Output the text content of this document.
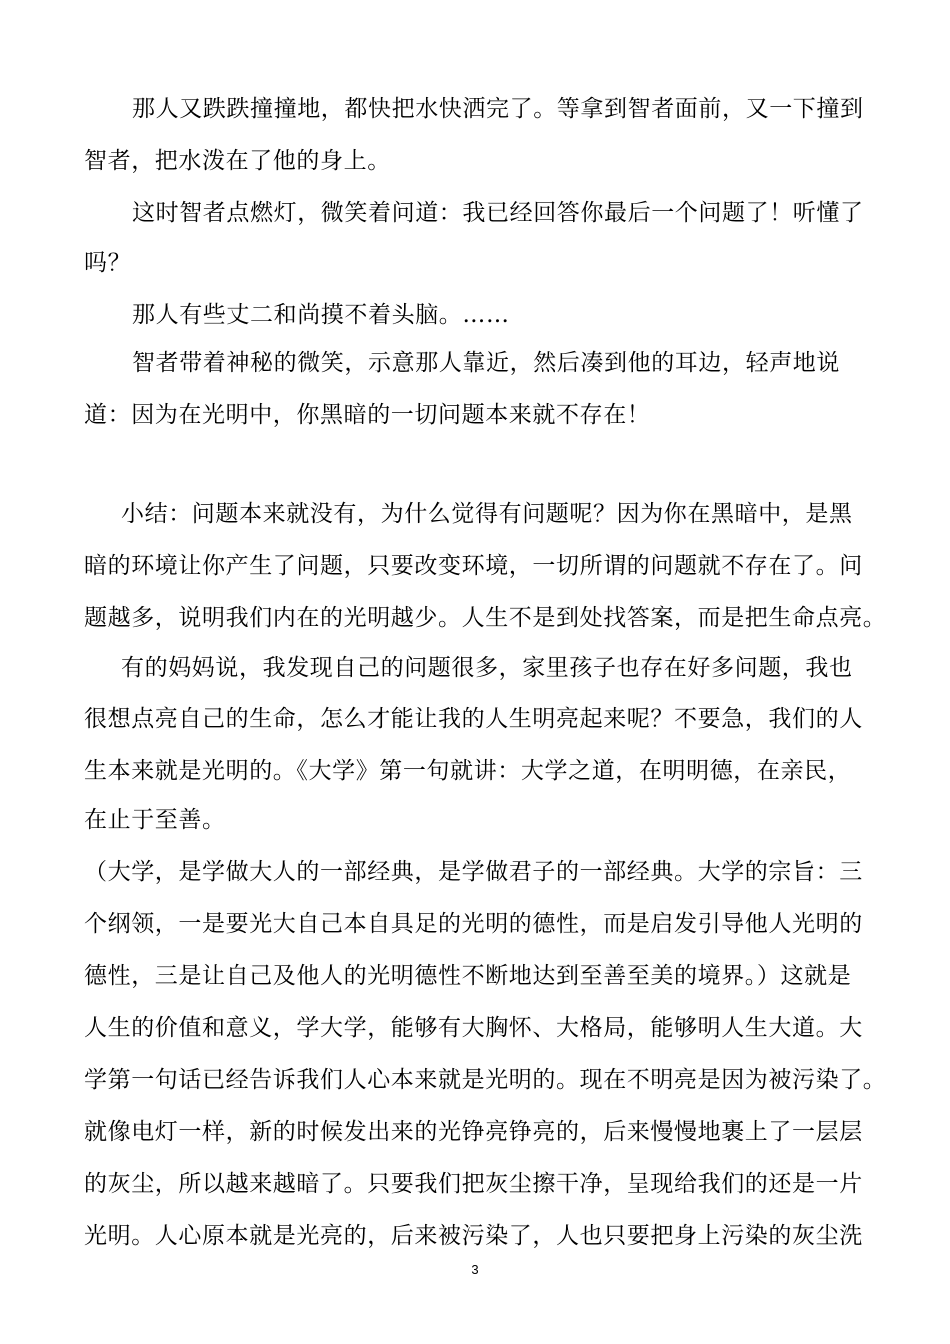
那人又跌跌撞撞地，都快把水快洒完了。等拿到智者面前，又一下撞到
智者，把水泼在了他的身上。
这时智者点燃灯，微笑着问道：我已经回答你最后一个问题了！听懂了
吗？
那人有些丈二和尚摸不着头脑。……
智者带着神秘的微笑，示意那人靠近，然后凑到他的耳边，轻声地说
道：因为在光明中，你黑暗的一切问题本来就不存在！
小结：问题本来就没有，为什么觉得有问题呢？因为你在黑暗中，是黑
暗的环境让你产生了问题，只要改变环境，一切所谓的问题就不存在了。问
题越多，说明我们内在的光明越少。人生不是到处找答案，而是把生命点亮。
有的妈妈说，我发现自己的问题很多，家里孩子也存在好多问题，我也
很想点亮自己的生命，怎么才能让我的人生明亮起来呢？不要急，我们的人
生本来就是光明的。《大学》第一句就讲：大学之道，在明明德，在亲民，
在止于至善。
（大学，是学做大人的一部经典，是学做君子的一部经典。大学的宗旨：三
个纲领，一是要光大自己本自具足的光明的德性，而是启发引导他人光明的
德性，三是让自己及他人的光明德性不断地达到至善至美的境界。）这就是
人生的价值和意义，学大学，能够有大胸怀、大格局，能够明人生大道。大
学第一句话已经告诉我们人心本来就是光明的。现在不明亮是因为被污染了。
就像电灯一样，新的时候发出来的光铮亮铮亮的，后来慢慢地裹上了一层层
的灰尘，所以越来越暗了。只要我们把灰尘擦干净，呈现给我们的还是一片
光明。人心原本就是光亮的，后来被污染了，人也只要把身上污染的灰尘洗
3
